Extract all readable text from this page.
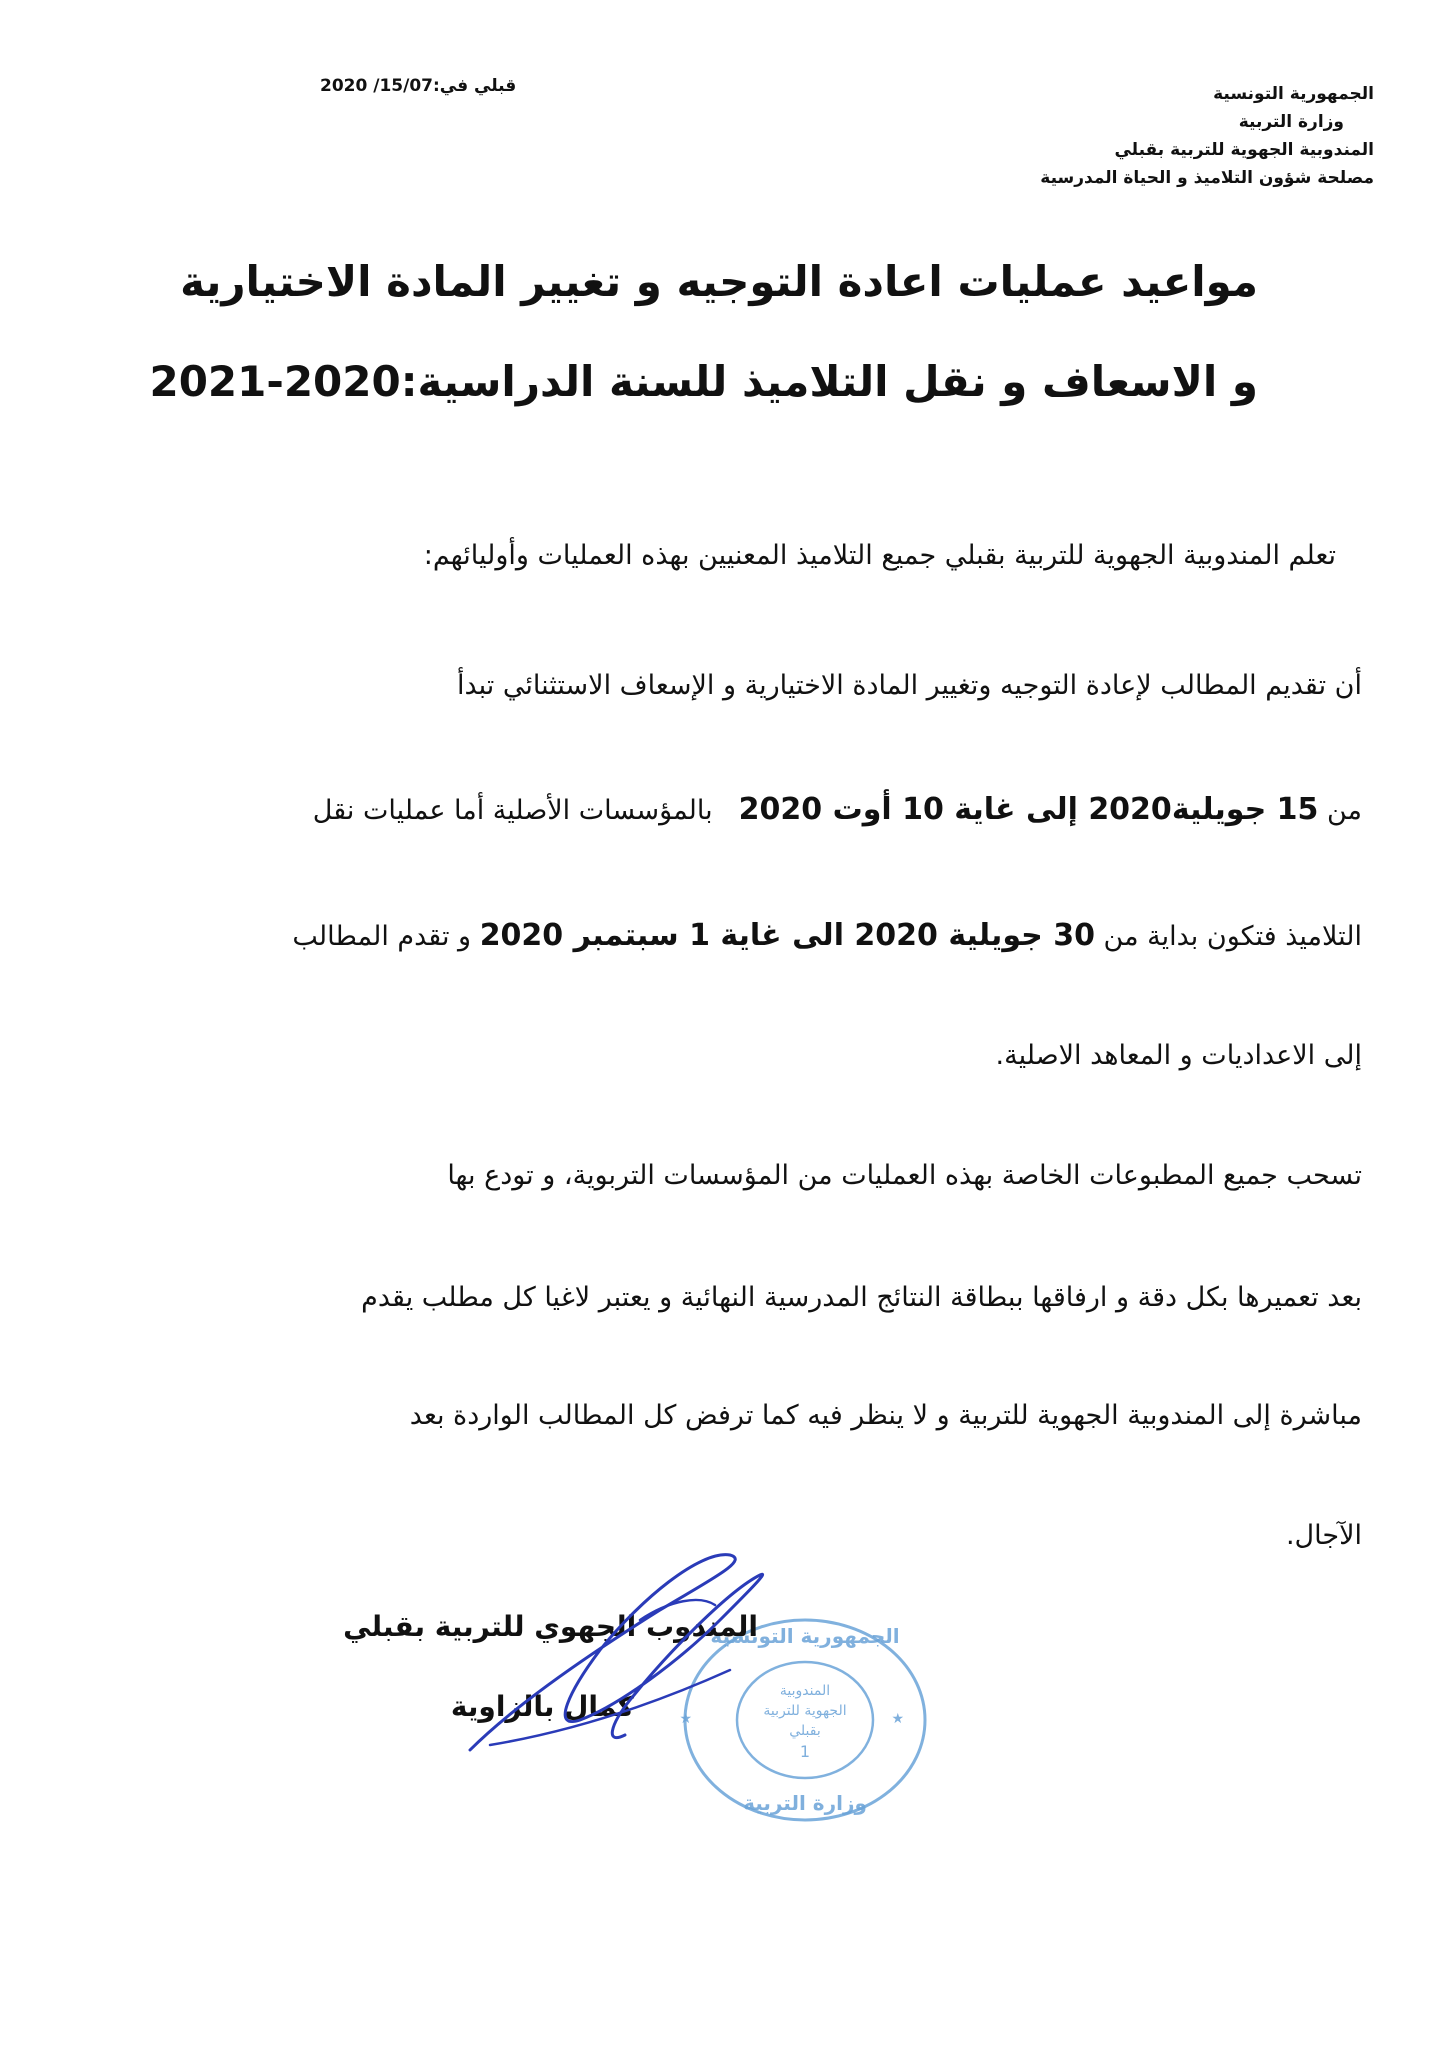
الجمهورية التونسية
وزارة التربية
المندوبية الجهوية للتربية بقبلي
مصلحة شؤون التلاميذ و الحياة المدرسية
قبلي في:15/07/ 2020
مواعيد عمليات اعادة التوجيه و تغيير المادة الاختيارية
و الاسعاف و نقل التلاميذ للسنة الدراسية:2020-2021
تعلم المندوبية الجهوية للتربية بقبلي جميع التلاميذ المعنيين بهذه العمليات وأوليائهم:
أن تقديم المطالب لإعادة التوجيه وتغيير المادة الاختيارية و الإسعاف الاستثنائي تبدأ
من 15 جويلية2020 إلى غاية 10 أوت 2020بالمؤسسات الأصلية أما عمليات نقل
التلاميذ فتكون بداية من 30 جويلية 2020 الى غاية 1 سبتمبر 2020 و تقدم المطالب
إلى الاعداديات و المعاهد الاصلية.
تسحب جميع المطبوعات الخاصة بهذه العمليات من المؤسسات التربوية، و تودع بها
بعد تعميرها بكل دقة و ارفاقها ببطاقة النتائج المدرسية النهائية و يعتبر لاغيا كل مطلب يقدم
مباشرة إلى المندوبية الجهوية للتربية و لا ينظر فيه كما ترفض كل المطالب الواردة بعد
الآجال.
الجمهورية التونسية
وزارة التربية
المندوبية
الجهوية للتربية
بقبلي
1
★	★
المندوب الجهوي للتربية بقبلي
كمال بالزاوية
